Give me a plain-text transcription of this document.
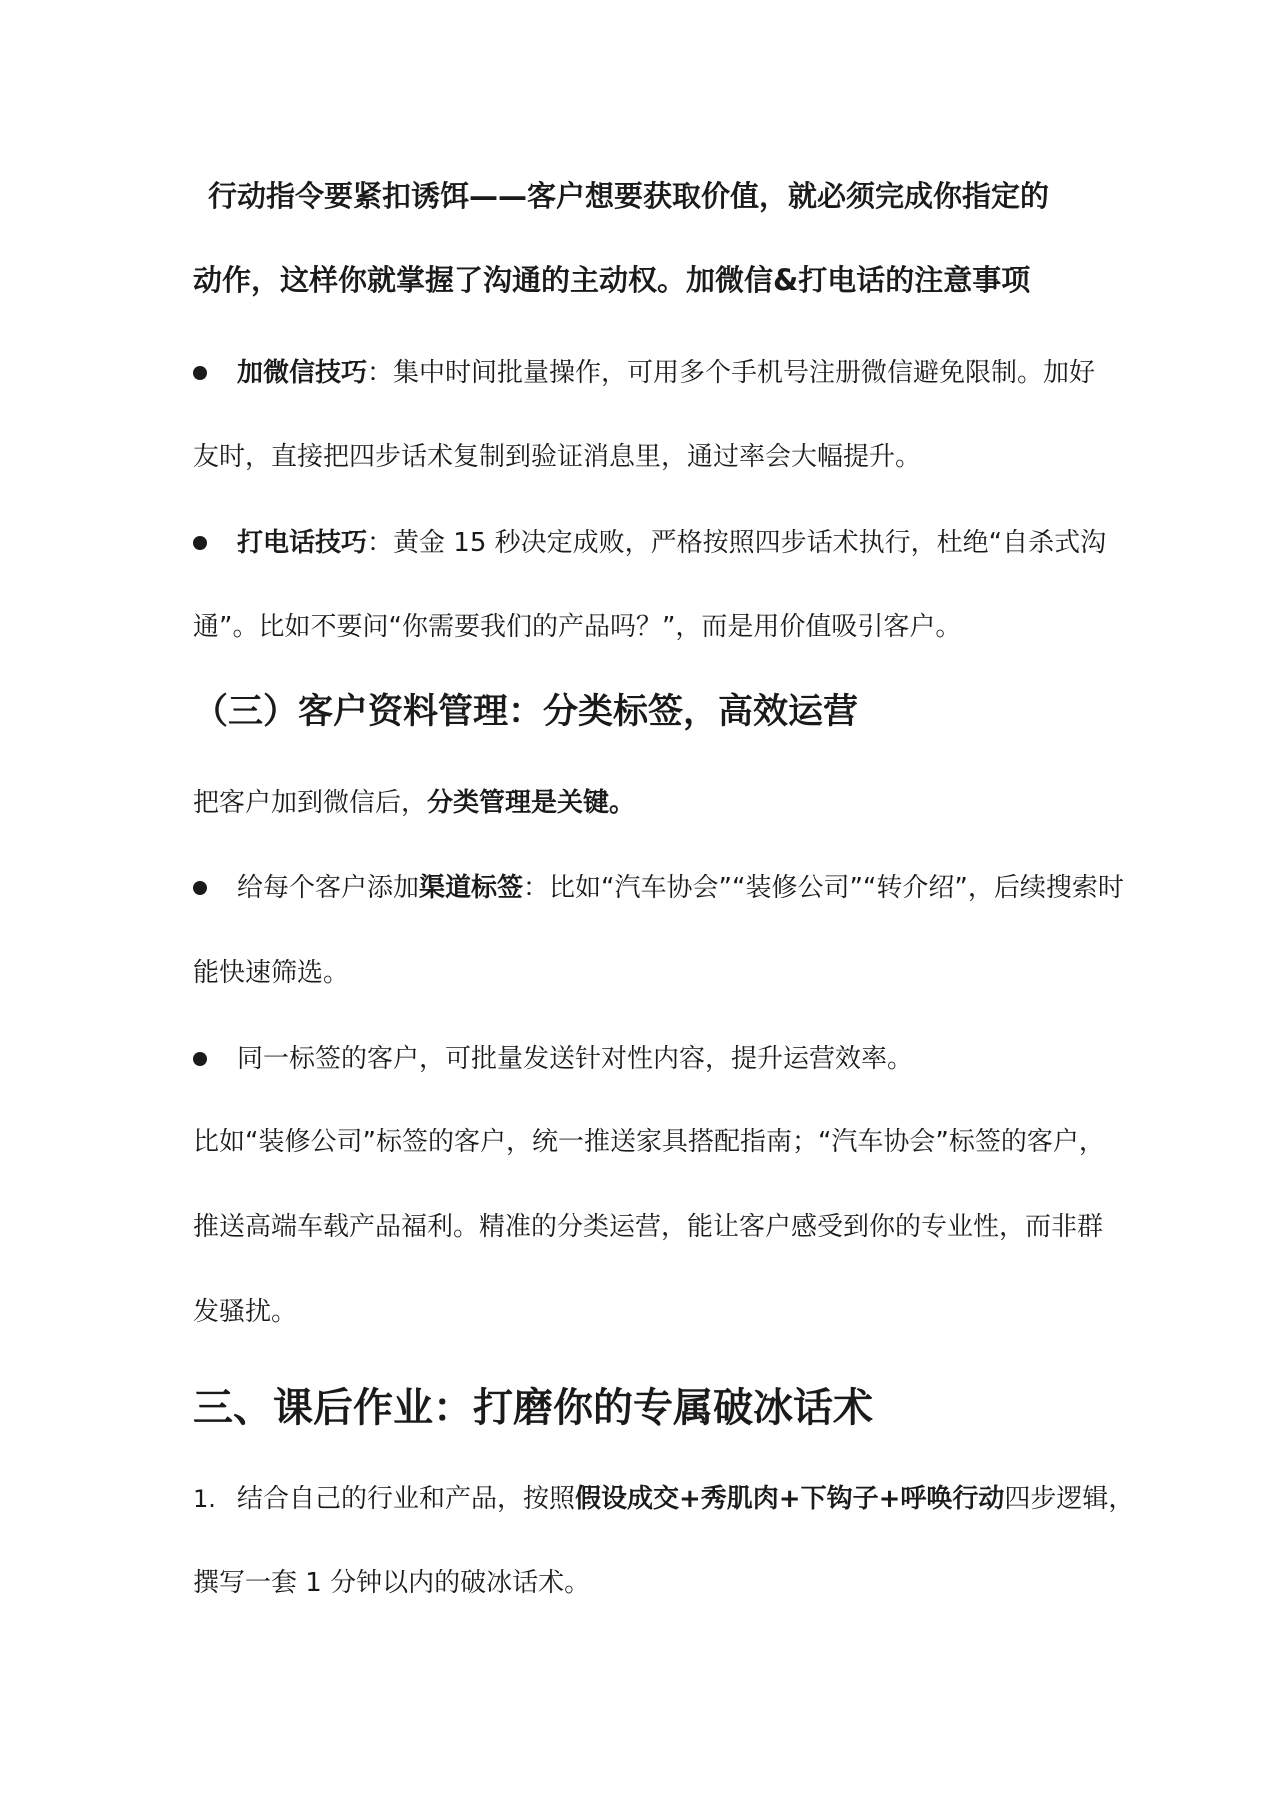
行动指令要紧扣诱饵——客户想要获取价值，就必须完成你指定的
动作，这样你就掌握了沟通的主动权。加微信&打电话的注意事项
加微信技巧：集中时间批量操作，可用多个手机号注册微信避免限制。加好
友时，直接把四步话术复制到验证消息里，通过率会大幅提升。
打电话技巧：黄金 15 秒决定成败，严格按照四步话术执行，杜绝“自杀式沟
通”。比如不要问“你需要我们的产品吗？”，而是用价值吸引客户。
（三）客户资料管理：分类标签，高效运营
把客户加到微信后，分类管理是关键。
给每个客户添加渠道标签：比如“汽车协会”“装修公司”“转介绍”，后续搜索时
能快速筛选。
同一标签的客户，可批量发送针对性内容，提升运营效率。
比如“装修公司”标签的客户，统一推送家具搭配指南；“汽车协会”标签的客户，
推送高端车载产品福利。精准的分类运营，能让客户感受到你的专业性，而非群
发骚扰。
三、课后作业：打磨你的专属破冰话术
1. 结合自己的行业和产品，按照假设成交+秀肌肉+下钩子+呼唤行动四步逻辑，
撰写一套 1 分钟以内的破冰话术。
